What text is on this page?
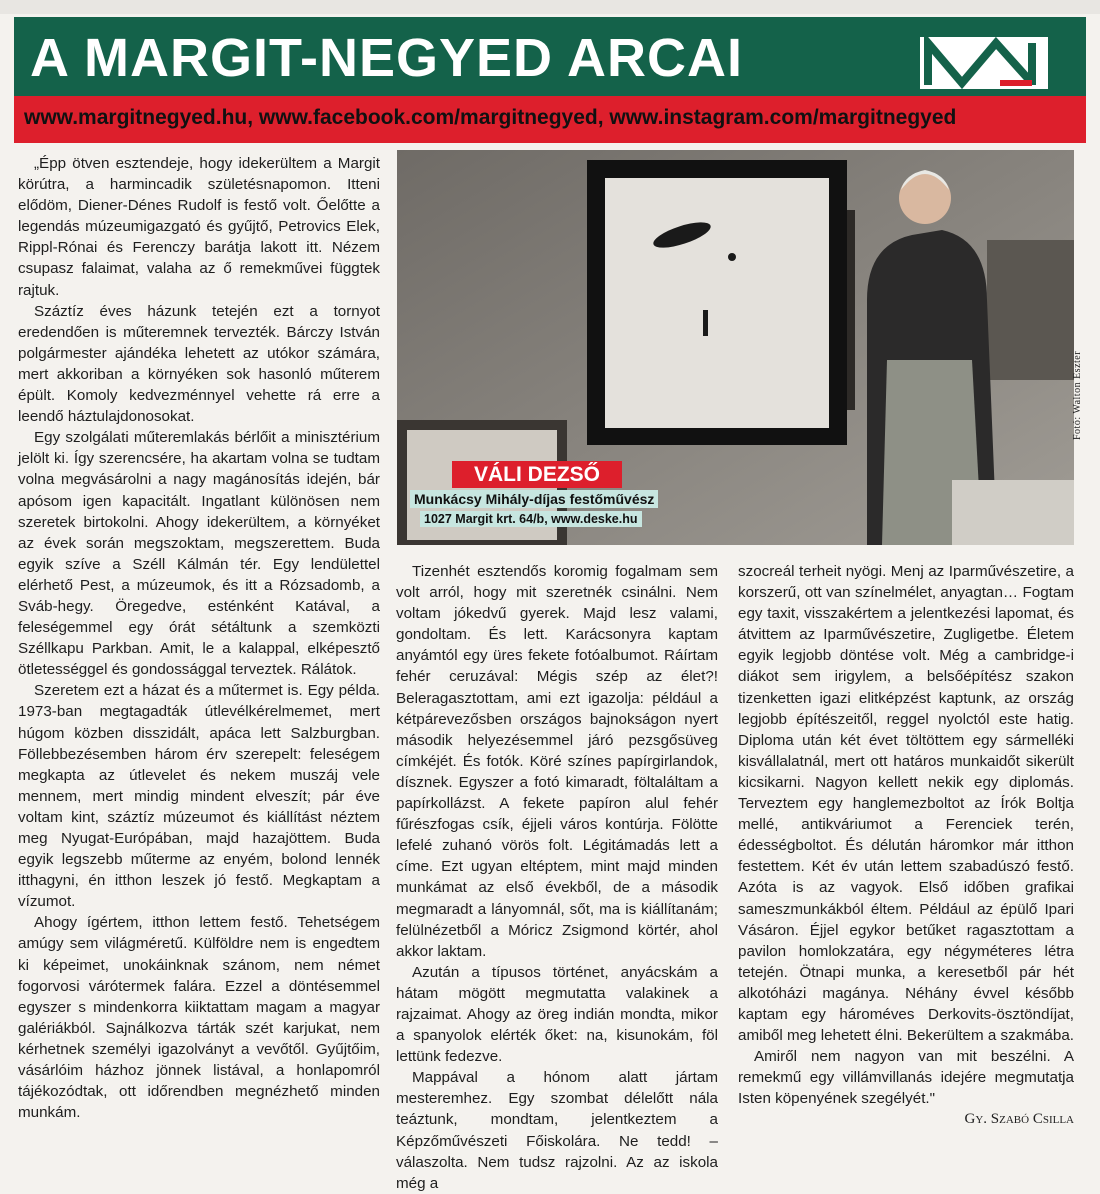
A MARGIT-NEGYED ARCAI
www.margitnegyed.hu, www.facebook.com/margitnegyed, www.instagram.com/margitnegyed

„Épp ötven esztendeje, hogy idekerültem a Margit körútra, a harmincadik születésnapomon. Itteni elődöm, Diener-Dénes Rudolf is festő volt. Őelőtte a legendás múzeumigazgató és gyűjtő, Petrovics Elek, Rippl-Rónai és Ferenczy barátja lakott itt. Nézem csupasz falaimat, valaha az ő remekművei függtek rajtuk.

Száztíz éves házunk tetején ezt a tornyot eredendően is műteremnek tervezték. Bárczy István polgármester ajándéka lehetett az utókor számára, mert akkoriban a környéken sok hasonló műterem épült. Komoly kedvezménnyel vehette rá erre a leendő háztulajdonosokat.

Egy szolgálati műteremlakás bérlőit a minisztérium jelölt ki. Így szerencsére, ha akartam volna se tudtam volna megvásárolni a nagy magánosítás idején, bár apósom igen kapacitált. Ingatlant különösen nem szeretek birtokolni. Ahogy idekerültem, a környéket az évek során megszoktam, megszerettem. Buda egyik szíve a Széll Kálmán tér. Egy lendülettel elérhető Pest, a múzeumok, és itt a Rózsadomb, a Sváb-hegy. Öregedve, esténként Katával, a feleségemmel egy órát sétáltunk a szemközti Széllkapu Parkban. Amit, le a kalappal, elképesztő ötletességgel és gondossággal terveztek. Rálátok.

Szeretem ezt a házat és a műtermet is. Egy példa. 1973-ban megtagadták útlevélkérelmemet, mert húgom közben disszidált, apáca lett Salzburgban. Föllebbezésemben három érv szerepelt: feleségem megkapta az útlevelet és nekem muszáj vele mennem, mert mindig mindent elveszít; pár éve voltam kint, száztíz múzeumot és kiállítást néztem meg Nyugat-Európában, majd hazajöttem. Buda egyik legszebb műterme az enyém, bolond lennék itthagyni, én itthon leszek jó festő. Megkaptam a vízumot.

Ahogy ígértem, itthon lettem festő. Tehetségem amúgy sem világméretű. Külföldre nem is engedtem ki képeimet, unokáinknak szánom, nem német fogorvosi várótermek falára. Ezzel a döntésemmel egyszer s mindenkorra kiiktattam magam a magyar galériákból. Sajnálkozva tárták szét karjukat, nem kérhetnek személyi igazolványt a vevőtől. Gyűjtőim, vásárlóim házhoz jönnek listával, a honlapomról tájékozódtak, ott időrendben megnézhető minden munkám.

VÁLI DEZSŐ
Munkácsy Mihály-díjas festőművész
1027 Margit krt. 64/b, www.deske.hu
Fotó: Walton Eszter

Tizenhét esztendős koromig fogalmam sem volt arról, hogy mit szeretnék csinálni. Nem voltam jókedvű gyerek. Majd lesz valami, gondoltam. És lett. Karácsonyra kaptam anyámtól egy üres fekete fotóalbumot. Ráírtam fehér ceruzával: Mégis szép az élet?! Beleragasztottam, ami ezt igazolja: például a kétpárevezősben országos bajnokságon nyert második helyezésemmel járó pezsgősüveg címkéjét. És fotók. Köré színes papírgirlandok, dísznek. Egyszer a fotó kimaradt, föltaláltam a papírkollázst. A fekete papíron alul fehér fűrészfogas csík, éjjeli város kontúrja. Fölötte lefelé zuhanó vörös folt. Légitámadás lett a címe. Ezt ugyan eltéptem, mint majd minden munkámat az első évekből, de a második megmaradt a lányomnál, sőt, ma is kiállítanám; felülnézetből a Móricz Zsigmond körtér, ahol akkor laktam.

Azután a típusos történet, anyácskám a hátam mögött megmutatta valakinek a rajzaimat. Ahogy az öreg indián mondta, mikor a spanyolok elérték őket: na, kisunokám, föl lettünk fedezve.

Mappával a hónom alatt jártam mesteremhez. Egy szombat délelőtt nála teáztunk, mondtam, jelentkeztem a Képzőművészeti Főiskolára. Ne tedd! – válaszolta. Nem tudsz rajzolni. Az az iskola még a

szocreál terheit nyögi. Menj az Iparművészetire, a korszerű, ott van színelmélet, anyagtan… Fogtam egy taxit, visszakértem a jelentkezési lapomat, és átvittem az Iparművészetire, Zugligetbe. Életem egyik legjobb döntése volt. Még a cambridge-i diákot sem irigylem, a belsőépítész szakon tizenketten igazi elitképzést kaptunk, az ország legjobb építészeitől, reggel nyolctól este hatig. Diploma után két évet töltöttem egy sármelléki kisvállalatnál, mert ott határos munkaidőt sikerült kicsikarni. Nagyon kellett nekik egy diplomás. Terveztem egy hanglemezboltot az Írók Boltja mellé, antikváriumot a Ferenciek terén, édességboltot. És délután háromkor már itthon festettem. Két év után lettem szabadúszó festő. Azóta is az vagyok. Első időben grafikai sameszmunkákból éltem. Például az épülő Ipari Vásáron. Éjjel egykor betűket ragasztottam a pavilon homlokzatára, egy négyméteres létra tetején. Ötnapi munka, a keresetből pár hét alkotóházi magánya. Néhány évvel később kaptam egy hároméves Derkovits-ösztöndíjat, amiből meg lehetett élni. Bekerültem a szakmába.

Amiről nem nagyon van mit beszélni. A remekmű egy villámvillanás idejére megmutatja Isten köpenyének szegélyét."

Gy. Szabó Csilla
